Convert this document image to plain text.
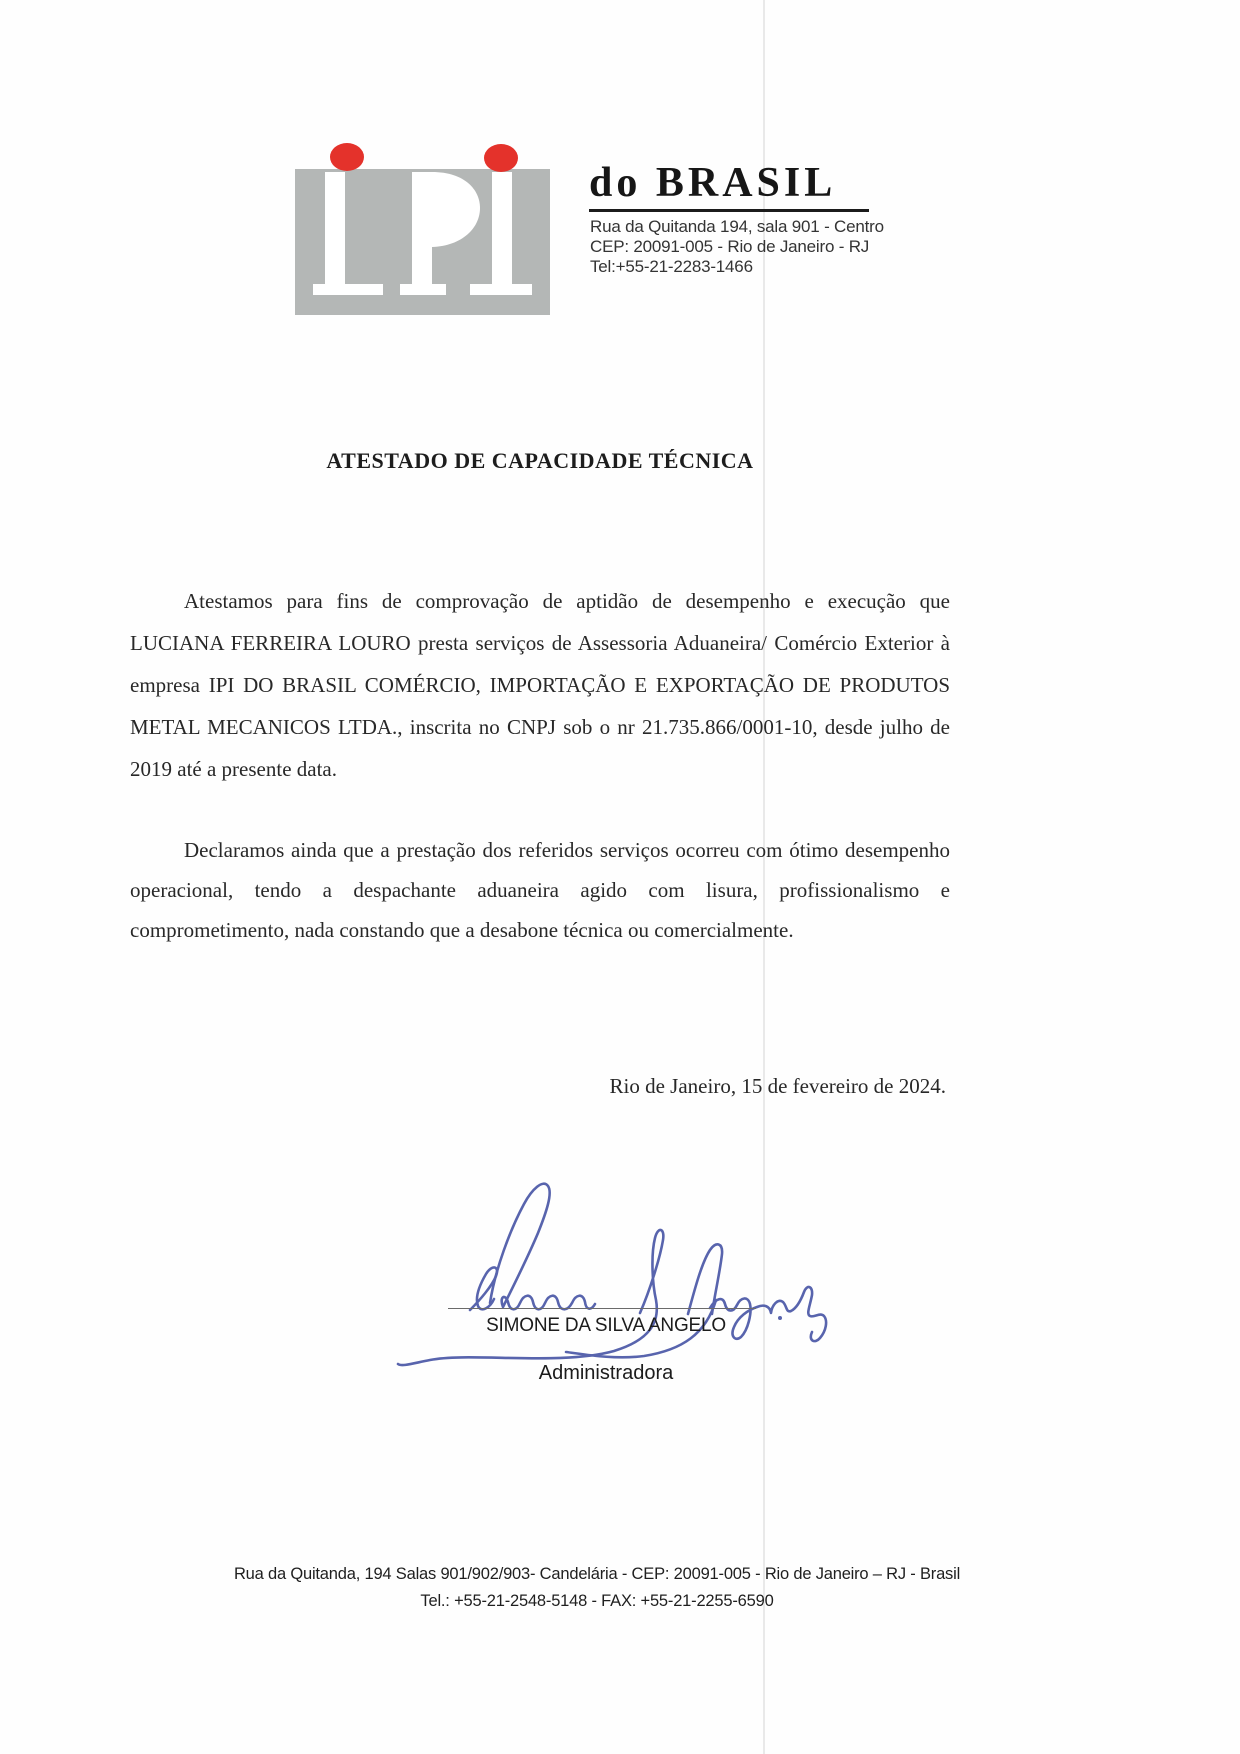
do BRASIL
Rua da Quitanda 194, sala 901 - Centro
CEP: 20091-005 - Rio de Janeiro - RJ
Tel:+55-21-2283-1466
ATESTADO DE CAPACIDADE TÉCNICA

Atestamos para fins de comprovação de aptidão de desempenho e execução que LUCIANA FERREIRA LOURO presta serviços de Assessoria Aduaneira/ Comércio Exterior à empresa IPI DO BRASIL COMÉRCIO, IMPORTAÇÃO E EXPORTAÇÃO DE PRODUTOS METAL MECANICOS LTDA., inscrita no CNPJ sob o nr 21.735.866/0001-10, desde julho de 2019 até a presente data.

Declaramos ainda que a prestação dos referidos serviços ocorreu com ótimo desempenho operacional, tendo a despachante aduaneira agido com lisura, profissionalismo e comprometimento, nada constando que a desabone técnica ou comercialmente.

Rio de Janeiro, 15 de fevereiro de 2024.
SIMONE DA SILVA ANGELO
Administradora
Rua da Quitanda, 194 Salas 901/902/903- Candelária - CEP: 20091-005 - Rio de Janeiro – RJ - Brasil
Tel.: +55-21-2548-5148 - FAX: +55-21-2255-6590
